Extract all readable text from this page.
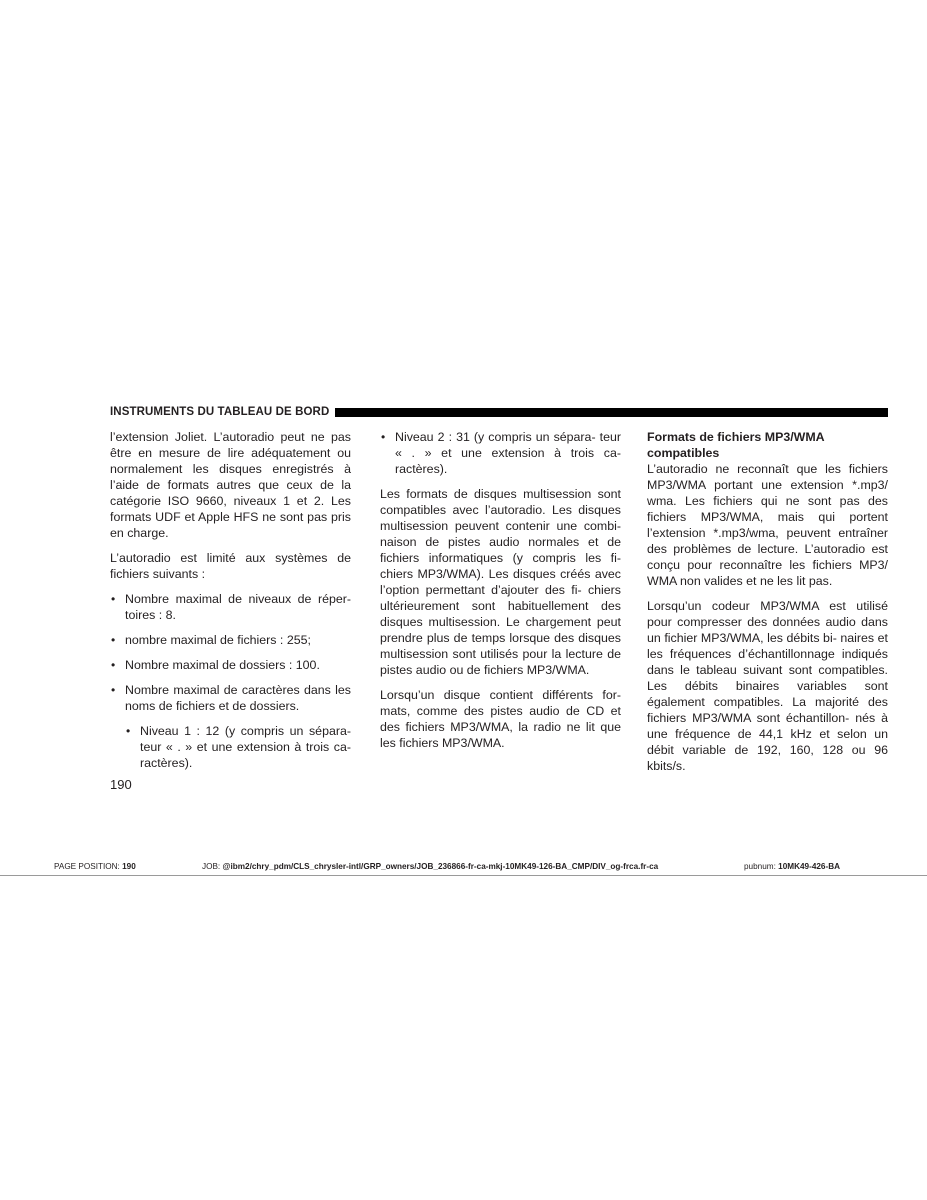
INSTRUMENTS DU TABLEAU DE BORD

l’extension Joliet. L’autoradio peut ne pas être en mesure de lire adéquatement ou normalement les disques enregistrés à l’aide de formats autres que ceux de la catégorie ISO 9660, niveaux 1 et 2. Les formats UDF et Apple HFS ne sont pas pris en charge.

L’autoradio est limité aux systèmes de fichiers suivants :

• Nombre maximal de niveaux de réper- toires : 8.
• nombre maximal de fichiers : 255;
• Nombre maximal de dossiers : 100.
• Nombre maximal de caractères dans les noms de fichiers et de dossiers.
• Niveau 1 : 12 (y compris un sépara- teur « . » et une extension à trois ca- ractères).
• Niveau 2 : 31 (y compris un sépara- teur « . » et une extension à trois ca- ractères).

Les formats de disques multisession sont compatibles avec l’autoradio. Les disques multisession peuvent contenir une combi- naison de pistes audio normales et de fichiers informatiques (y compris les fi- chiers MP3/WMA). Les disques créés avec l’option permettant d’ajouter des fi- chiers ultérieurement sont habituellement des disques multisession. Le chargement peut prendre plus de temps lorsque des disques multisession sont utilisés pour la lecture de pistes audio ou de fichiers MP3/WMA.

Lorsqu’un disque contient différents for- mats, comme des pistes audio de CD et des fichiers MP3/WMA, la radio ne lit que les fichiers MP3/WMA.

Formats de fichiers MP3/WMA compatibles

L’autoradio ne reconnaît que les fichiers MP3/WMA portant une extension *.mp3/ wma. Les fichiers qui ne sont pas des fichiers MP3/WMA, mais qui portent l’extension *.mp3/wma, peuvent entraîner des problèmes de lecture. L’autoradio est conçu pour reconnaître les fichiers MP3/ WMA non valides et ne les lit pas.

Lorsqu’un codeur MP3/WMA est utilisé pour compresser des données audio dans un fichier MP3/WMA, les débits bi- naires et les fréquences d’échantillonnage indiqués dans le tableau suivant sont compatibles. Les débits binaires variables sont également compatibles. La majorité des fichiers MP3/WMA sont échantillon- nés à une fréquence de 44,1 kHz et selon un débit variable de 192, 160, 128 ou 96 kbits/s.

190
PAGE POSITION: 190	JOB: @ibm2/chry_pdm/CLS_chrysler-intl/GRP_owners/JOB_236866-fr-ca-mkj-10MK49-126-BA_CMP/DIV_og-frca.fr-ca	pubnum: 10MK49-426-BA
